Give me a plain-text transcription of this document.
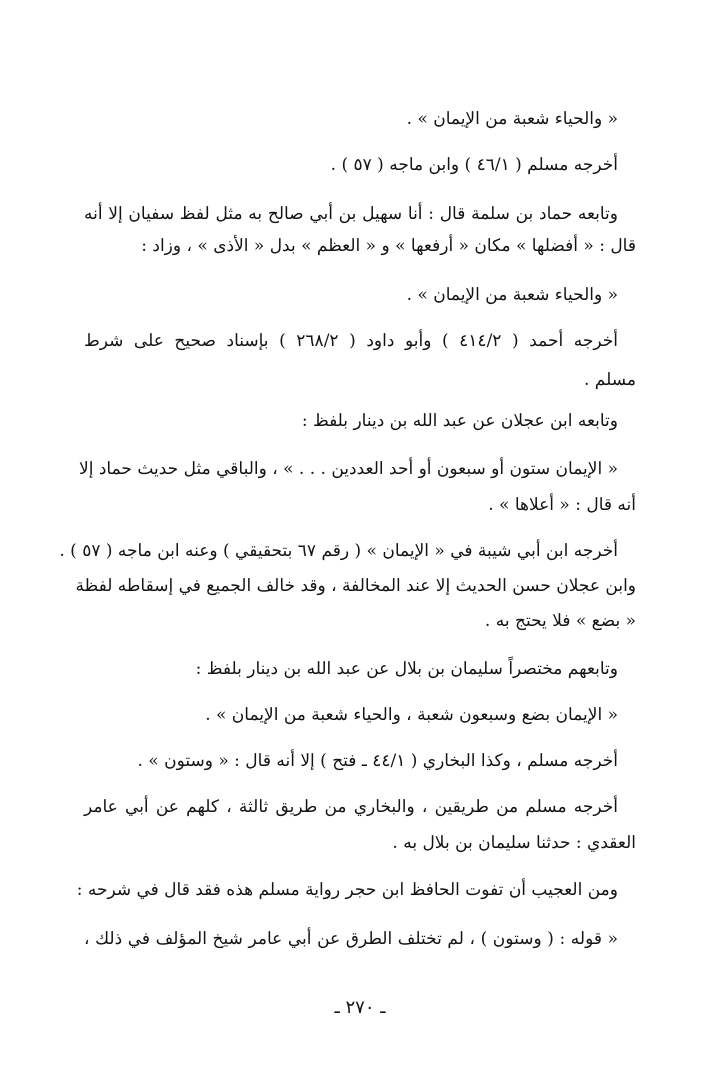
« والحياء شعبة من الإيمان » .
أخرجه مسلم ( ٤٦/١ ) وابن ماجه ( ٥٧ ) .
وتابعه حماد بن سلمة قال : أنا سهيل بن أبي صالح به مثل لفظ سفيان إلا أنه
قال : « أفضلها » مكان « أرفعها » و « العظم » بدل « الأذى » ، وزاد :
« والحياء شعبة من الإيمان » .
أخرجه أحمد ( ٤١٤/٢ ) وأبو داود ( ٢٦٨/٢ ) بإسناد صحيح على شرط
مسلم .
وتابعه ابن عجلان عن عبد الله بن دينار بلفظ :
« الإيمان ستون أو سبعون أو أحد العددين . . . » ، والباقي مثل حديث حماد إلا
أنه قال : « أعلاها » .
أخرجه ابن أبي شيبة في « الإيمان » ( رقم ٦٧ بتحقيقي ) وعنه ابن ماجه ( ٥٧ ) .
وابن عجلان حسن الحديث إلا عند المخالفة ، وقد خالف الجميع في إسقاطه لفظة
« بضع » فلا يحتج به .
وتابعهم مختصراً سليمان بن بلال عن عبد الله بن دينار بلفظ :
« الإيمان بضع وسبعون شعبة ، والحياء شعبة من الإيمان » .
أخرجه مسلم ، وكذا البخاري ( ٤٤/١ ـ فتح ) إلا أنه قال : « وستون » .
أخرجه مسلم من طريقين ، والبخاري من طريق ثالثة ، كلهم عن أبي عامر
العقدي : حدثنا سليمان بن بلال به .
ومن العجيب أن تفوت الحافظ ابن حجر رواية مسلم هذه فقد قال في شرحه :
« قوله : ( وستون ) ، لم تختلف الطرق عن أبي عامر شيخ المؤلف في ذلك ،
ـ ٢٧٠ ـ
